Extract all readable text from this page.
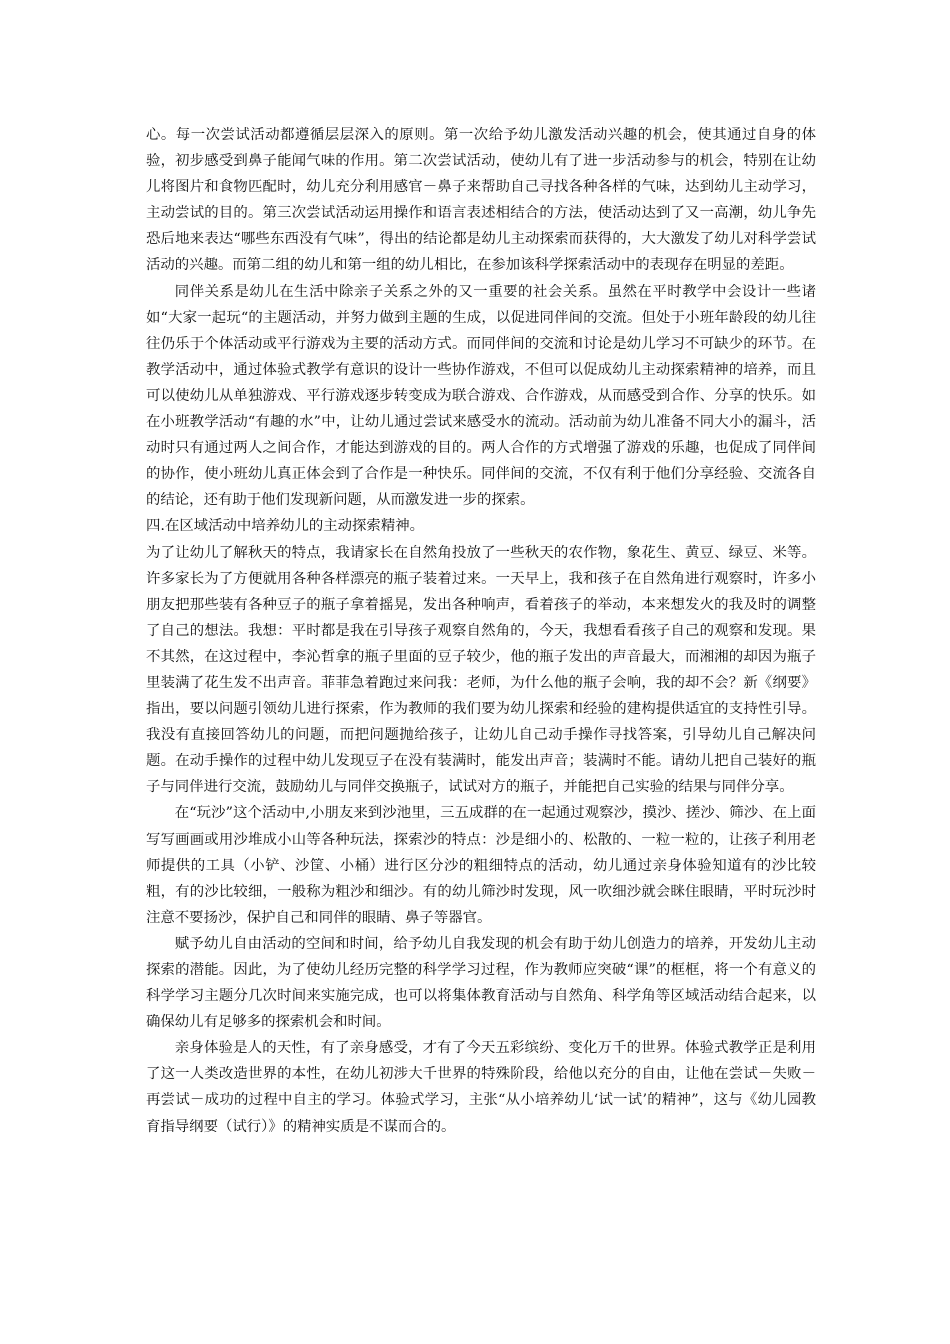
心。每一次尝试活动都遵循层层深入的原则。第一次给予幼儿激发活动兴趣的机会，使其通过自身的体验，初步感受到鼻子能闻气味的作用。第二次尝试活动，使幼儿有了进一步活动参与的机会，特别在让幼儿将图片和食物匹配时，幼儿充分利用感官－鼻子来帮助自己寻找各种各样的气味，达到幼儿主动学习，主动尝试的目的。第三次尝试活动运用操作和语言表述相结合的方法，使活动达到了又一高潮，幼儿争先恐后地来表达“哪些东西没有气味”，得出的结论都是幼儿主动探索而获得的，大大激发了幼儿对科学尝试活动的兴趣。而第二组的幼儿和第一组的幼儿相比，在参加该科学探索活动中的表现存在明显的差距。

同伴关系是幼儿在生活中除亲子关系之外的又一重要的社会关系。虽然在平时教学中会设计一些诸如“大家一起玩“的主题活动，并努力做到主题的生成，以促进同伴间的交流。但处于小班年龄段的幼儿往往仍乐于个体活动或平行游戏为主要的活动方式。而同伴间的交流和讨论是幼儿学习不可缺少的环节。在教学活动中，通过体验式教学有意识的设计一些协作游戏，不但可以促成幼儿主动探索精神的培养，而且可以使幼儿从单独游戏、平行游戏逐步转变成为联合游戏、合作游戏，从而感受到合作、分享的快乐。如在小班教学活动“有趣的水”中，让幼儿通过尝试来感受水的流动。活动前为幼儿准备不同大小的漏斗，活动时只有通过两人之间合作，才能达到游戏的目的。两人合作的方式增强了游戏的乐趣，也促成了同伴间的协作，使小班幼儿真正体会到了合作是一种快乐。同伴间的交流，不仅有利于他们分享经验、交流各自的结论，还有助于他们发现新问题，从而激发进一步的探索。

四.在区域活动中培养幼儿的主动探索精神。

为了让幼儿了解秋天的特点，我请家长在自然角投放了一些秋天的农作物，象花生、黄豆、绿豆、米等。许多家长为了方便就用各种各样漂亮的瓶子装着过来。一天早上，我和孩子在自然角进行观察时，许多小朋友把那些装有各种豆子的瓶子拿着摇晃，发出各种响声，看着孩子的举动，本来想发火的我及时的调整了自己的想法。我想：平时都是我在引导孩子观察自然角的，今天，我想看看孩子自己的观察和发现。果不其然，在这过程中，李沁哲拿的瓶子里面的豆子较少，他的瓶子发出的声音最大，而湘湘的却因为瓶子里装满了花生发不出声音。菲菲急着跑过来问我：老师，为什么他的瓶子会响，我的却不会？新《纲要》指出，要以问题引领幼儿进行探索，作为教师的我们要为幼儿探索和经验的建构提供适宜的支持性引导。我没有直接回答幼儿的问题，而把问题抛给孩子，让幼儿自己动手操作寻找答案，引导幼儿自己解决问题。在动手操作的过程中幼儿发现豆子在没有装满时，能发出声音；装满时不能。请幼儿把自己装好的瓶子与同伴进行交流，鼓励幼儿与同伴交换瓶子，试试对方的瓶子，并能把自己实验的结果与同伴分享。

在“玩沙”这个活动中,小朋友来到沙池里，三五成群的在一起通过观察沙，摸沙、搓沙、筛沙、在上面写写画画或用沙堆成小山等各种玩法，探索沙的特点：沙是细小的、松散的、一粒一粒的，让孩子利用老师提供的工具（小铲、沙筐、小桶）进行区分沙的粗细特点的活动，幼儿通过亲身体验知道有的沙比较粗，有的沙比较细，一般称为粗沙和细沙。有的幼儿筛沙时发现，风一吹细沙就会眯住眼睛，平时玩沙时注意不要扬沙，保护自己和同伴的眼睛、鼻子等器官。

赋予幼儿自由活动的空间和时间，给予幼儿自我发现的机会有助于幼儿创造力的培养，开发幼儿主动探索的潜能。因此，为了使幼儿经历完整的科学学习过程，作为教师应突破“课”的框框，将一个有意义的科学学习主题分几次时间来实施完成，也可以将集体教育活动与自然角、科学角等区域活动结合起来，以确保幼儿有足够多的探索机会和时间。

亲身体验是人的天性，有了亲身感受，才有了今天五彩缤纷、变化万千的世界。体验式教学正是利用了这一人类改造世界的本性，在幼儿初涉大千世界的特殊阶段，给他以充分的自由，让他在尝试－失败－再尝试－成功的过程中自主的学习。体验式学习，主张“从小培养幼儿‘试一试’的精神”，这与《幼儿园教育指导纲要（试行）》的精神实质是不谋而合的。
